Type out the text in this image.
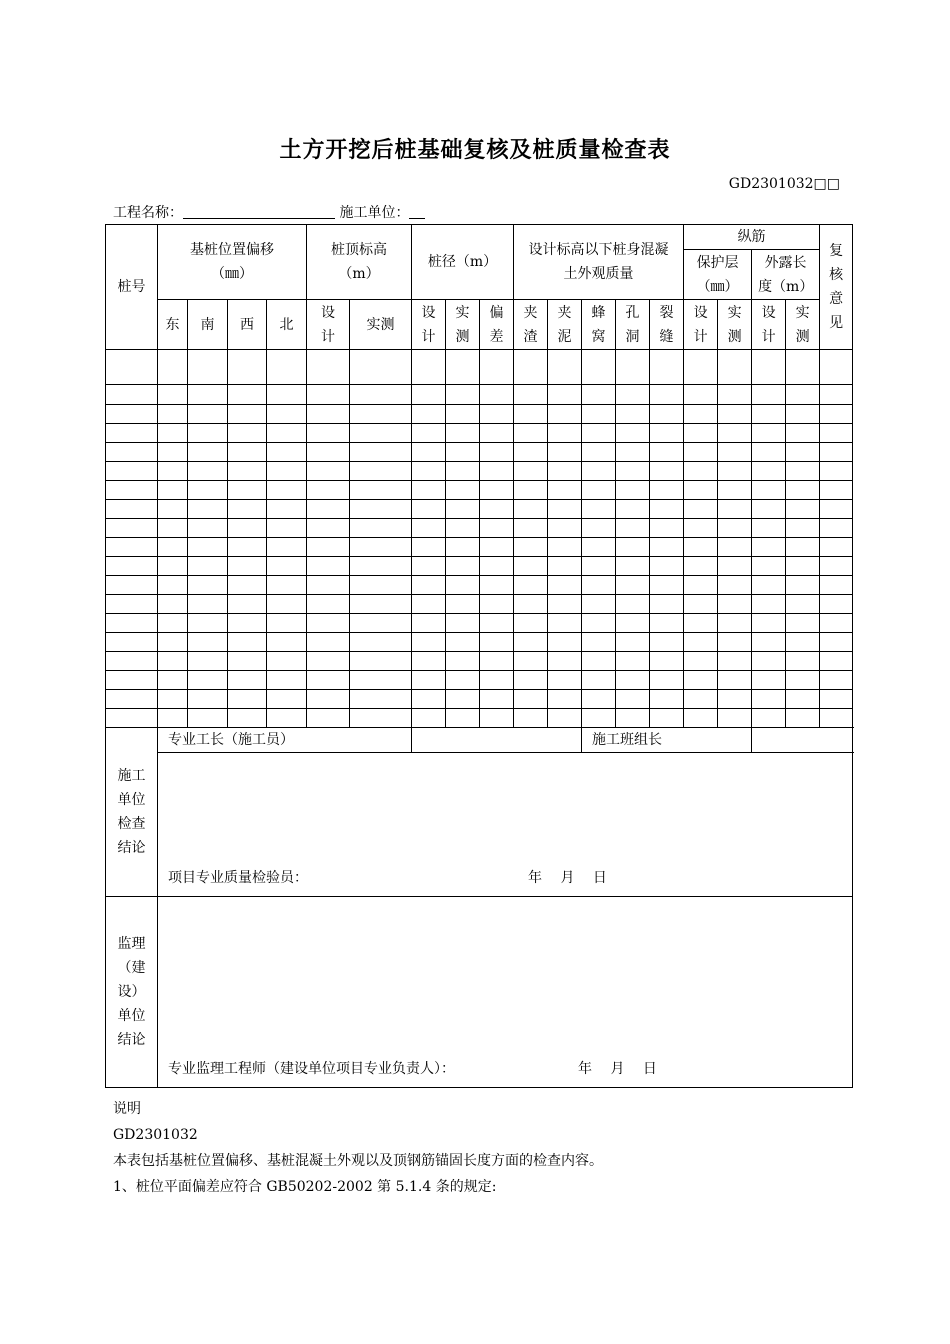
土方开挖后桩基础复核及桩质量检查表
GD2301032□□
工程名称：	施工单位：
桩号	基桩位置偏移（㎜）				桩顶标高（m）		桩径（m）			设计标高以下桩身混凝土外观质量					纵筋				复核意见
															保护层（㎜）		外露长度（m）		
	东	南	西	北	设计	实测	设计	实测	偏差	夹渣	夹泥	蜂窝	孔洞	裂缝	设计	实测	设计	实测	

施工单位检查结论	专业工长（施工员）											施工班组长							

	项目专业质量检验员： 年 月 日																		

监理（建设）单位结论	专业监理工程师（建设单位项目专业负责人）： 年 月 日																		
说明
GD2301032
本表包括基桩位置偏移、基桩混凝土外观以及顶钢筋锚固长度方面的检查内容。
1、桩位平面偏差应符合 GB50202-2002 第 5.1.4 条的规定:
